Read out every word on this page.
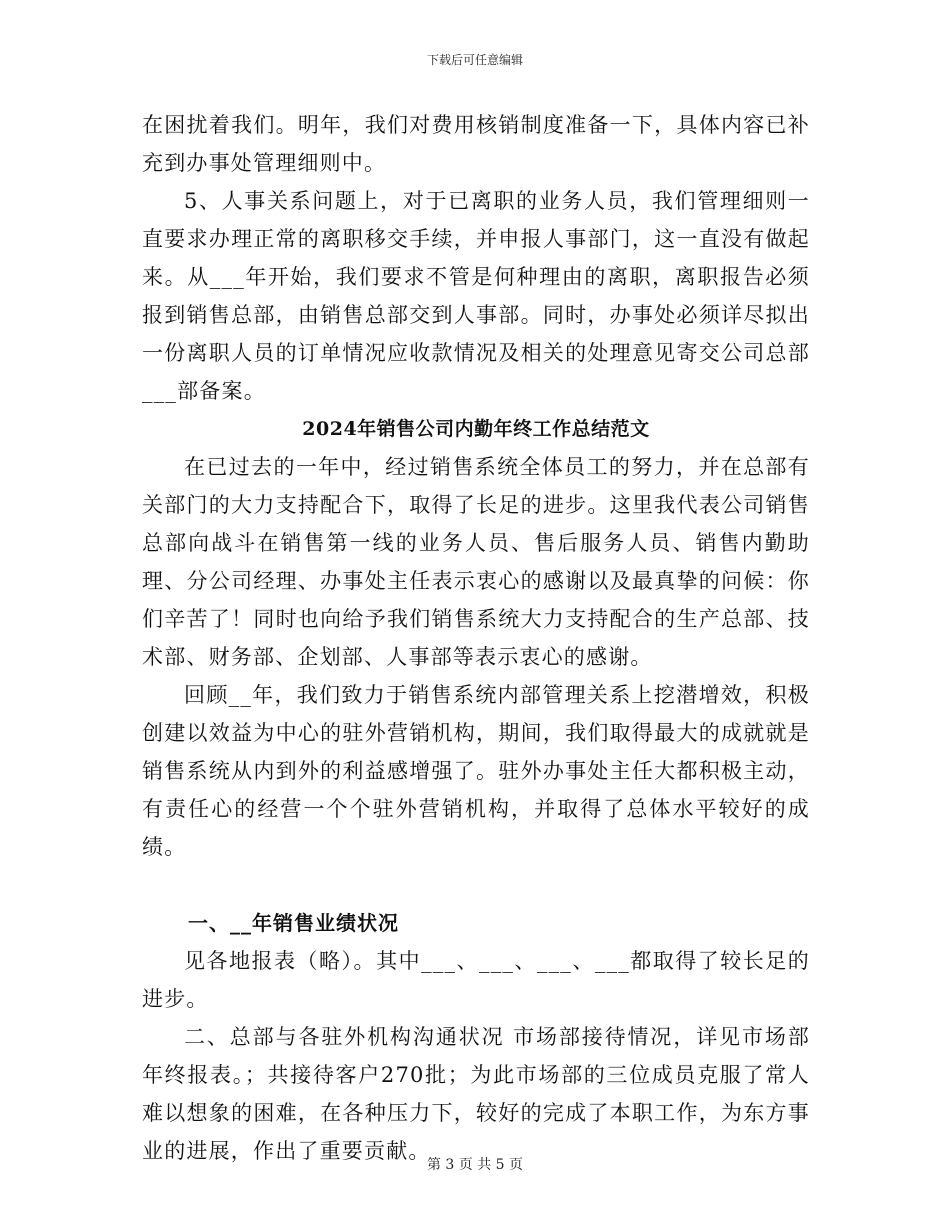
下载后可任意编辑

在困扰着我们。明年，我们对费用核销制度准备一下，具体内容已补充到办事处管理细则中。

5、人事关系问题上，对于已离职的业务人员，我们管理细则一直要求办理正常的离职移交手续，并申报人事部门，这一直没有做起来。从___年开始，我们要求不管是何种理由的离职，离职报告必须报到销售总部，由销售总部交到人事部。同时，办事处必须详尽拟出一份离职人员的订单情况应收款情况及相关的处理意见寄交公司总部___部备案。

2024年销售公司内勤年终工作总结范文

在已过去的一年中，经过销售系统全体员工的努力，并在总部有关部门的大力支持配合下，取得了长足的进步。这里我代表公司销售总部向战斗在销售第一线的业务人员、售后服务人员、销售内勤助理、分公司经理、办事处主任表示衷心的感谢以及最真挚的问候：你们辛苦了！同时也向给予我们销售系统大力支持配合的生产总部、技术部、财务部、企划部、人事部等表示衷心的感谢。

回顾__年，我们致力于销售系统内部管理关系上挖潜增效，积极创建以效益为中心的驻外营销机构，期间，我们取得最大的成就就是销售系统从内到外的利益感增强了。驻外办事处主任大都积极主动，有责任心的经营一个个驻外营销机构，并取得了总体水平较好的成绩。

一、__年销售业绩状况

见各地报表（略）。其中___、___、___、___都取得了较长足的进步。

二、总部与各驻外机构沟通状况 市场部接待情况，详见市场部年终报表。；共接待客户270批；为此市场部的三位成员克服了常人难以想象的困难，在各种压力下，较好的完成了本职工作，为东方事业的进展，作出了重要贡献。

第 3 页 共 5 页
